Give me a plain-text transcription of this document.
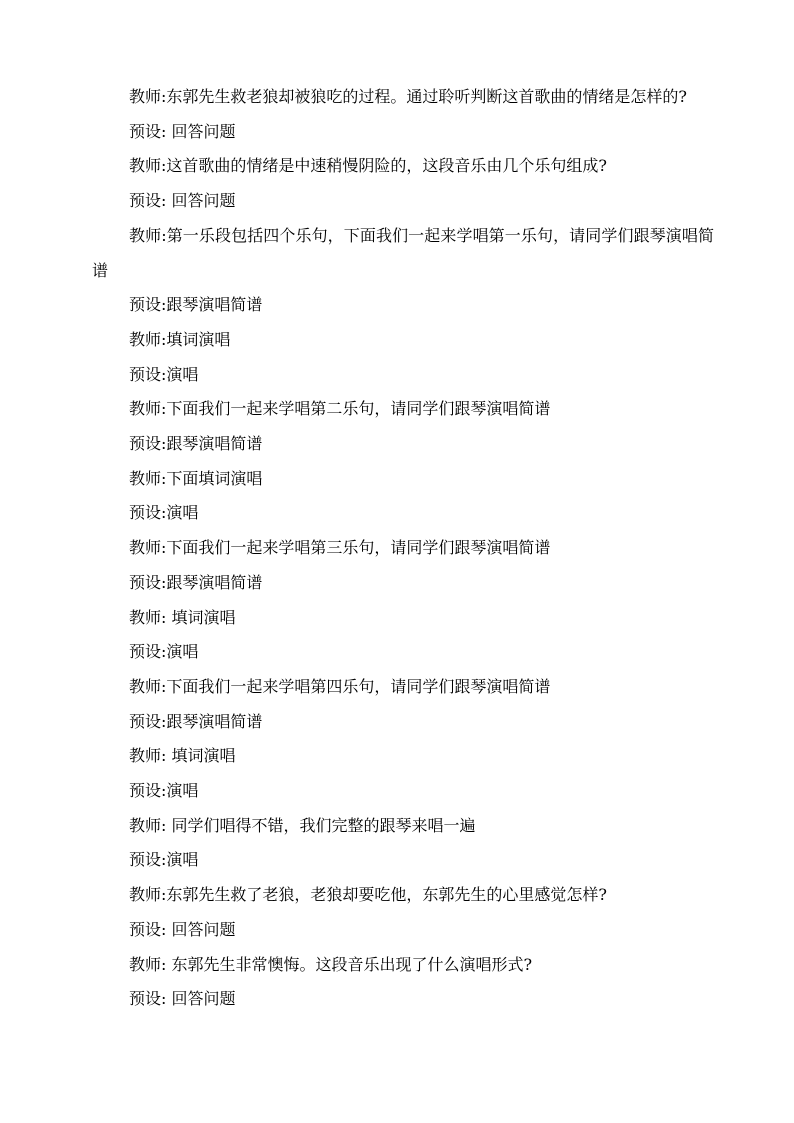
教师:东郭先生救老狼却被狼吃的过程。通过聆听判断这首歌曲的情绪是怎样的?

预设: 回答问题

教师:这首歌曲的情绪是中速稍慢阴险的，这段音乐由几个乐句组成?

预设: 回答问题

教师:第一乐段包括四个乐句，下面我们一起来学唱第一乐句，请同学们跟琴演唱简谱

预设:跟琴演唱简谱

教师:填词演唱

预设:演唱

教师:下面我们一起来学唱第二乐句，请同学们跟琴演唱简谱

预设:跟琴演唱简谱

教师:下面填词演唱

预设:演唱

教师:下面我们一起来学唱第三乐句，请同学们跟琴演唱简谱

预设:跟琴演唱简谱

教师: 填词演唱

预设:演唱

教师:下面我们一起来学唱第四乐句，请同学们跟琴演唱简谱

预设:跟琴演唱简谱

教师: 填词演唱

预设:演唱

教师: 同学们唱得不错，我们完整的跟琴来唱一遍

预设:演唱

教师:东郭先生救了老狼，老狼却要吃他，东郭先生的心里感觉怎样?

预设: 回答问题

教师: 东郭先生非常懊悔。这段音乐出现了什么演唱形式?

预设: 回答问题
